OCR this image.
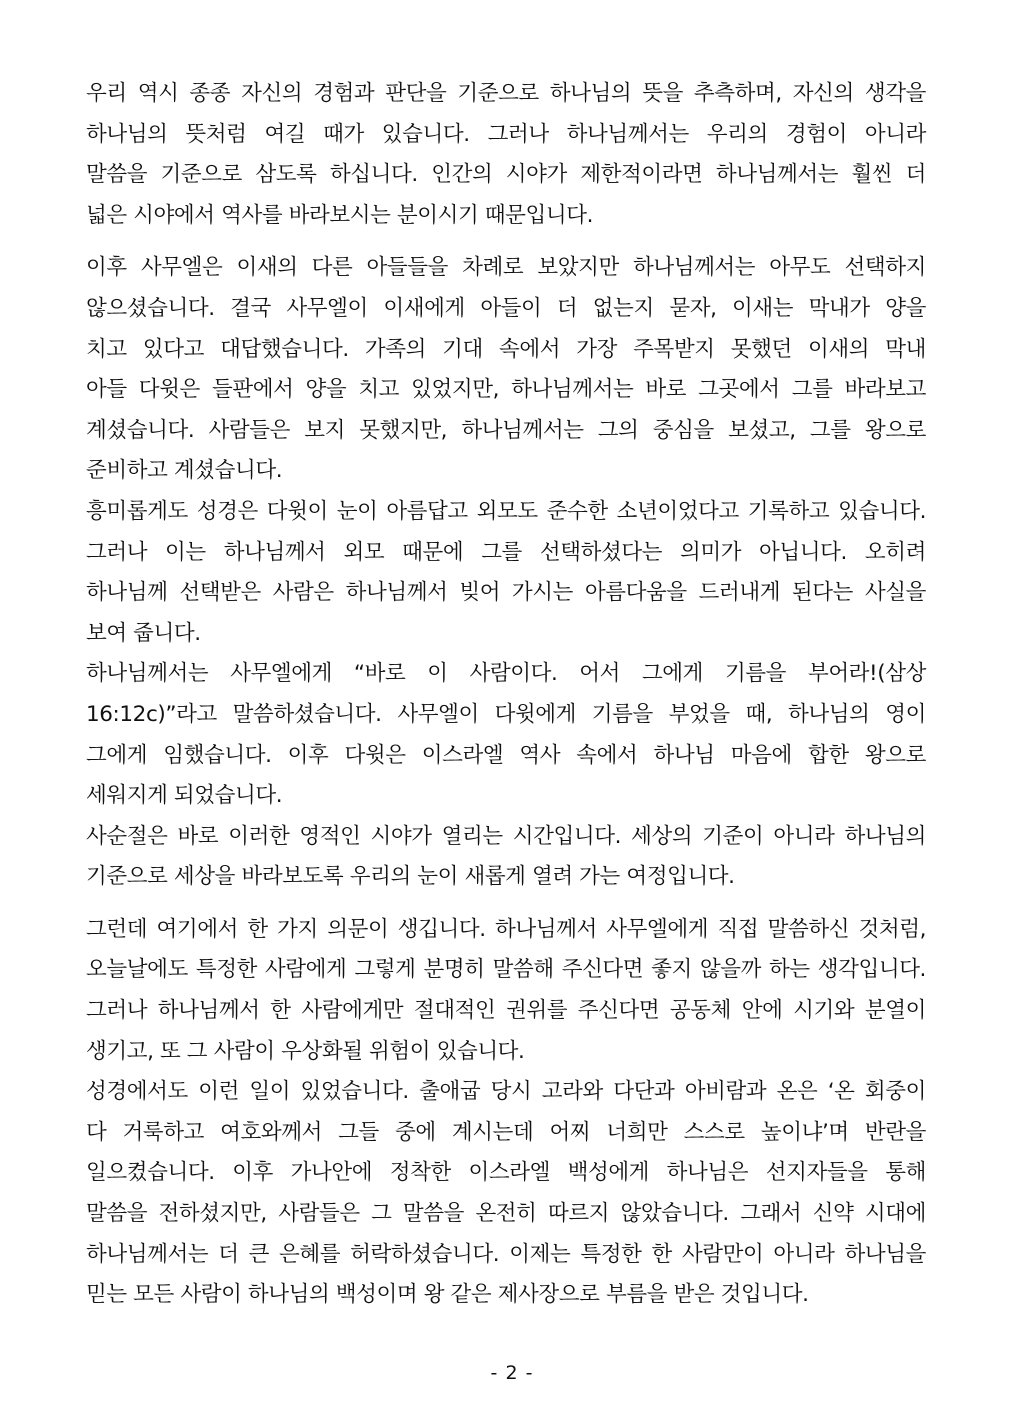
우리 역시 종종 자신의 경험과 판단을 기준으로 하나님의 뜻을 추측하며, 자신의 생각을
하나님의 뜻처럼 여길 때가 있습니다. 그러나 하나님께서는 우리의 경험이 아니라
말씀을 기준으로 삼도록 하십니다. 인간의 시야가 제한적이라면 하나님께서는 훨씬 더
넓은 시야에서 역사를 바라보시는 분이시기 때문입니다.

이후 사무엘은 이새의 다른 아들들을 차례로 보았지만 하나님께서는 아무도 선택하지
않으셨습니다. 결국 사무엘이 이새에게 아들이 더 없는지 묻자, 이새는 막내가 양을
치고 있다고 대답했습니다. 가족의 기대 속에서 가장 주목받지 못했던 이새의 막내
아들 다윗은 들판에서 양을 치고 있었지만, 하나님께서는 바로 그곳에서 그를 바라보고
계셨습니다. 사람들은 보지 못했지만, 하나님께서는 그의 중심을 보셨고, 그를 왕으로
준비하고 계셨습니다.

흥미롭게도 성경은 다윗이 눈이 아름답고 외모도 준수한 소년이었다고 기록하고 있습니다.
그러나 이는 하나님께서 외모 때문에 그를 선택하셨다는 의미가 아닙니다. 오히려
하나님께 선택받은 사람은 하나님께서 빚어 가시는 아름다움을 드러내게 된다는 사실을
보여 줍니다.

하나님께서는 사무엘에게 “바로 이 사람이다. 어서 그에게 기름을 부어라!(삼상
16:12c)”라고 말씀하셨습니다. 사무엘이 다윗에게 기름을 부었을 때, 하나님의 영이
그에게 임했습니다. 이후 다윗은 이스라엘 역사 속에서 하나님 마음에 합한 왕으로
세워지게 되었습니다.

사순절은 바로 이러한 영적인 시야가 열리는 시간입니다. 세상의 기준이 아니라 하나님의
기준으로 세상을 바라보도록 우리의 눈이 새롭게 열려 가는 여정입니다.

그런데 여기에서 한 가지 의문이 생깁니다. 하나님께서 사무엘에게 직접 말씀하신 것처럼,
오늘날에도 특정한 사람에게 그렇게 분명히 말씀해 주신다면 좋지 않을까 하는 생각입니다.
그러나 하나님께서 한 사람에게만 절대적인 권위를 주신다면 공동체 안에 시기와 분열이
생기고, 또 그 사람이 우상화될 위험이 있습니다.

성경에서도 이런 일이 있었습니다. 출애굽 당시 고라와 다단과 아비람과 온은 ‘온 회중이
다 거룩하고 여호와께서 그들 중에 계시는데 어찌 너희만 스스로 높이냐’며 반란을
일으켰습니다. 이후 가나안에 정착한 이스라엘 백성에게 하나님은 선지자들을 통해
말씀을 전하셨지만, 사람들은 그 말씀을 온전히 따르지 않았습니다. 그래서 신약 시대에
하나님께서는 더 큰 은혜를 허락하셨습니다. 이제는 특정한 한 사람만이 아니라 하나님을
믿는 모든 사람이 하나님의 백성이며 왕 같은 제사장으로 부름을 받은 것입니다.

- 2 -
